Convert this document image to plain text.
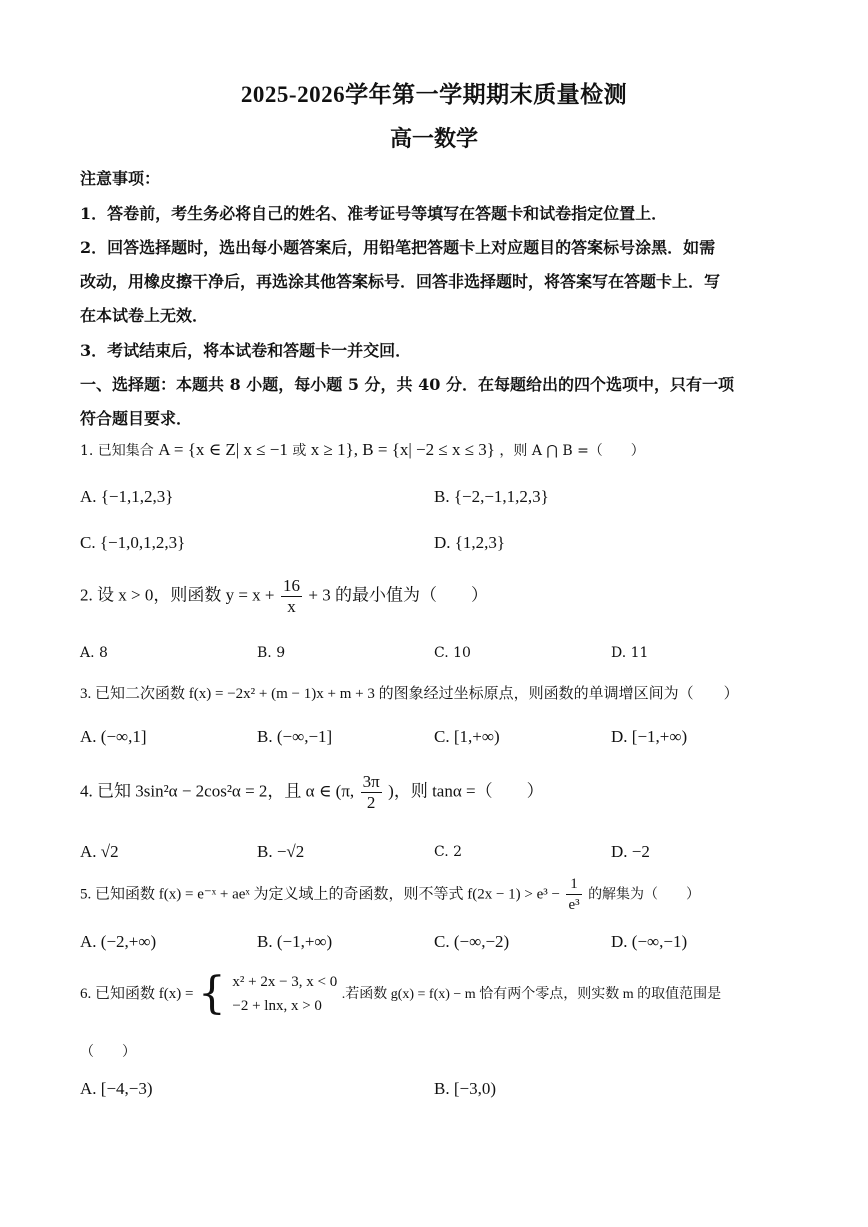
2025-2026学年第一学期期末质量检测
高一数学
注意事项：
1．答卷前，考生务必将自己的姓名、准考证号等填写在答题卡和试卷指定位置上．
2．回答选择题时，选出每小题答案后，用铅笔把答题卡上对应题目的答案标号涂黑．如需
改动，用橡皮擦干净后，再选涂其他答案标号．回答非选择题时，将答案写在答题卡上．写
在本试卷上无效．
3．考试结束后，将本试卷和答题卡一并交回．
一、选择题：本题共 8 小题，每小题 5 分，共 40 分．在每题给出的四个选项中，只有一项
符合题目要求．
1. 已知集合 A = {x ∈ Z| x ≤ −1 或 x ≥ 1}, B = {x| −2 ≤ x ≤ 3} ，则 A ⋂ B =（　　）
A. {−1,1,2,3}	B. {−2,−1,1,2,3}
C. {−1,0,1,2,3}	D. {1,2,3}
2. 设 x > 0，则函数 $y = x + \frac{16}{x} + 3$ 的最小值为（　　）
A. 8	B. 9	C. 10	D. 11
3. 已知二次函数 f(x) = −2x² + (m − 1)x + m + 3 的图象经过坐标原点，则函数的单调增区间为（　　）
A. (−∞,1]	B. (−∞,−1]	C. [1,+∞)	D. [−1,+∞)
4. 已知 3sin²α − 2cos²α = 2，且 α ∈ (π, $\frac{3\pi}{2}$ )，则 tanα =（　　）
A. √2	B. −√2	C. 2	D. −2
5. 已知函数 f(x) = e⁻ˣ + aeˣ 为定义域上的奇函数，则不等式 $f(2x - 1) > e^3 - \frac{1}{\text{e³}}$ 的解集为（　　）
A. (−2,+∞)	B. (−1,+∞)	C. (−∞,−2)	D. (−∞,−1)
6. 已知函数 f(x) = { x² + 2x − 3, x < 0
−2 + lnx, x > 0
.若函数 g(x) = f(x) − m 恰有两个零点，则实数 m 的取值范围是
（　　）
A. [−4,−3)	B. [−3,0)
